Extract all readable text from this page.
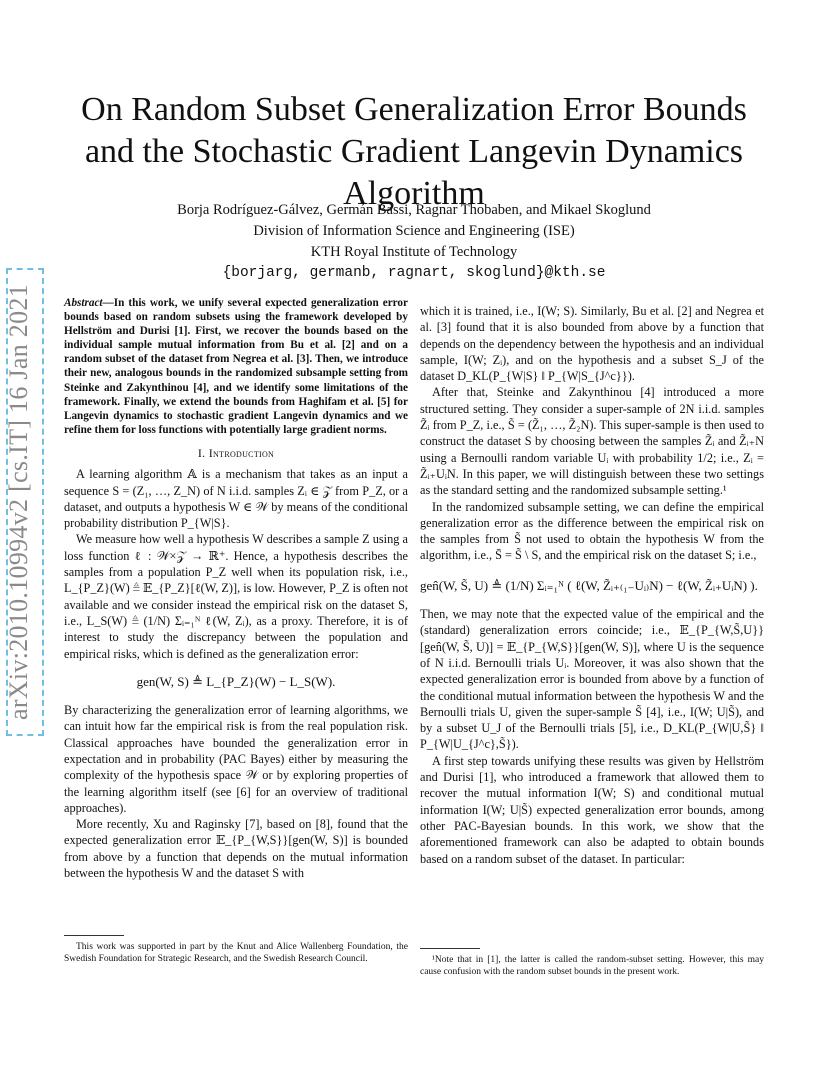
arXiv:2010.10994v2 [cs.IT] 16 Jan 2021
On Random Subset Generalization Error Bounds and the Stochastic Gradient Langevin Dynamics Algorithm
Borja Rodríguez-Gálvez, Germán Bassi, Ragnar Thobaben, and Mikael Skoglund
Division of Information Science and Engineering (ISE)
KTH Royal Institute of Technology
{borjarg, germanb, ragnart, skoglund}@kth.se

Abstract—In this work, we unify several expected generalization error bounds based on random subsets using the framework developed by Hellström and Durisi [1]. First, we recover the bounds based on the individual sample mutual information from Bu et al. [2] and on a random subset of the dataset from Negrea et al. [3]. Then, we introduce their new, analogous bounds in the randomized subsample setting from Steinke and Zakynthinou [4], and we identify some limitations of the framework. Finally, we extend the bounds from Haghifam et al. [5] for Langevin dynamics to stochastic gradient Langevin dynamics and we refine them for loss functions with potentially large gradient norms.

I. Introduction

A learning algorithm 𝔸 is a mechanism that takes as an input a sequence S = (Z₁, …, Z_N) of N i.i.d. samples Zᵢ ∈ 𝒵 from P_Z, or a dataset, and outputs a hypothesis W ∈ 𝒲 by means of the conditional probability distribution P_{W|S}.

We measure how well a hypothesis W describes a sample Z using a loss function ℓ : 𝒲×𝒵 → ℝ⁺. Hence, a hypothesis describes the samples from a population P_Z well when its population risk, i.e., L_{P_Z}(W) ≜ 𝔼_{P_Z}[ℓ(W, Z)], is low. However, P_Z is often not available and we consider instead the empirical risk on the dataset S, i.e., L_S(W) ≜ (1/N) Σᵢ₌₁ᴺ ℓ(W, Zᵢ), as a proxy. Therefore, it is of interest to study the discrepancy between the population and empirical risks, which is defined as the generalization error:

gen(W, S) ≜ L_{P_Z}(W) − L_S(W).

By characterizing the generalization error of learning algorithms, we can intuit how far the empirical risk is from the real population risk. Classical approaches have bounded the generalization error in expectation and in probability (PAC Bayes) either by measuring the complexity of the hypothesis space 𝒲 or by exploring properties of the learning algorithm itself (see [6] for an overview of traditional approaches).

More recently, Xu and Raginsky [7], based on [8], found that the expected generalization error 𝔼_{P_{W,S}}[gen(W, S)] is bounded from above by a function that depends on the mutual information between the hypothesis W and the dataset S with

which it is trained, i.e., I(W; S). Similarly, Bu et al. [2] and Negrea et al. [3] found that it is also bounded from above by a function that depends on the dependency between the hypothesis and an individual sample, I(W; Zᵢ), and on the hypothesis and a subset S_J of the dataset D_KL(P_{W|S} ‖ P_{W|S_{J^c}}).

After that, Steinke and Zakynthinou [4] introduced a more structured setting. They consider a super-sample of 2N i.i.d. samples Z̃ᵢ from P_Z, i.e., S̃ = (Z̃₁, …, Z̃₂N). This super-sample is then used to construct the dataset S by choosing between the samples Z̃ᵢ and Z̃ᵢ₊N using a Bernoulli random variable Uᵢ with probability 1/2; i.e., Zᵢ = Z̃ᵢ₊UᵢN. In this paper, we will distinguish between these two settings as the standard setting and the randomized subsample setting.¹

In the randomized subsample setting, we can define the empirical generalization error as the difference between the empirical risk on the samples from S̃ not used to obtain the hypothesis W from the algorithm, i.e., S̄ = S̃ \ S, and the empirical risk on the dataset S; i.e.,

gen̂(W, S̃, U) ≜ (1/N) Σᵢ₌₁ᴺ ( ℓ(W, Z̃ᵢ₊₍₁₋Uᵢ₎N) − ℓ(W, Z̃ᵢ₊UᵢN) ).

Then, we may note that the expected value of the empirical and the (standard) generalization errors coincide; i.e., 𝔼_{P_{W,S̃,U}}[gen̂(W, S̃, U)] = 𝔼_{P_{W,S}}[gen(W, S)], where U is the sequence of N i.i.d. Bernoulli trials Uᵢ. Moreover, it was also shown that the expected generalization error is bounded from above by a function of the conditional mutual information between the hypothesis W and the Bernoulli trials U, given the super-sample S̃ [4], i.e., I(W; U|S̃), and by a subset U_J of the Bernoulli trials [5], i.e., D_KL(P_{W|U,S̃} ‖ P_{W|U_{J^c},S̃}).

A first step towards unifying these results was given by Hellström and Durisi [1], who introduced a framework that allowed them to recover the mutual information I(W; S) and conditional mutual information I(W; U|S̃) expected generalization error bounds, among other PAC-Bayesian bounds. In this work, we show that the aforementioned framework can also be adapted to obtain bounds based on a random subset of the dataset. In particular:

This work was supported in part by the Knut and Alice Wallenberg Foundation, the Swedish Foundation for Strategic Research, and the Swedish Research Council.	¹Note that in [1], the latter is called the random-subset setting. However, this may cause confusion with the random subset bounds in the present work.
